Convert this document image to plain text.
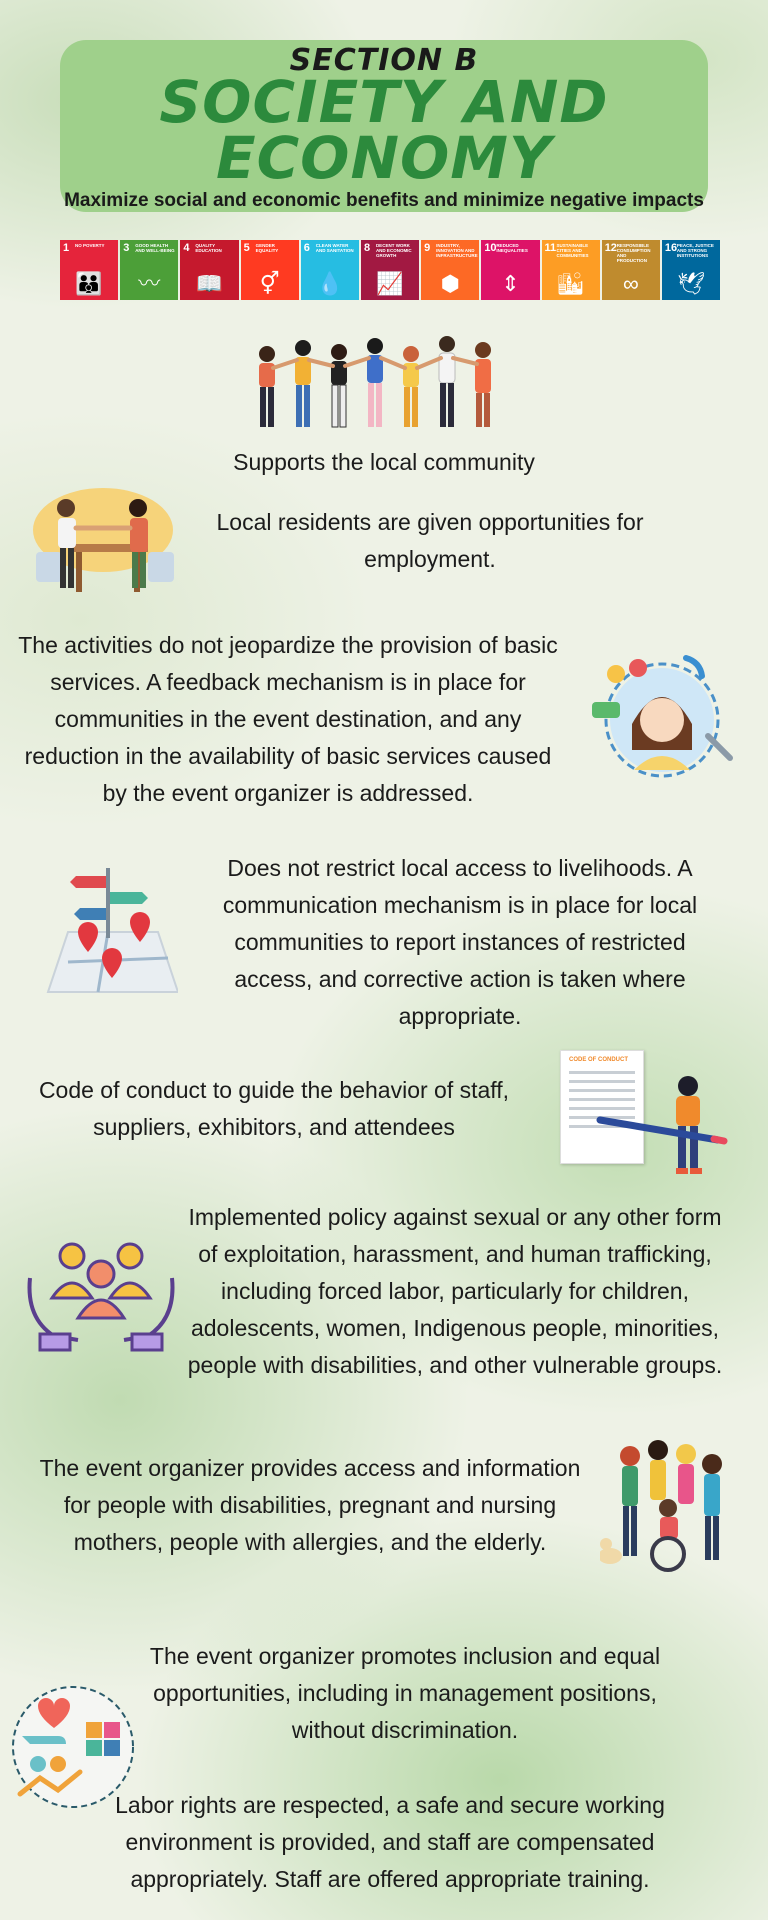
SECTION B
SOCIETY AND
ECONOMY
Maximize social and economic benefits and minimize negative impacts
1 NO POVERTY
👪
3 GOOD HEALTH AND WELL-BEING
〰
4 QUALITY EDUCATION
📖
5 GENDER EQUALITY
⚥
6 CLEAN WATER AND SANITATION
💧
8 DECENT WORK AND ECONOMIC GROWTH
📈
9 INDUSTRY, INNOVATION AND INFRASTRUCTURE
⬢
10 REDUCED INEQUALITIES
⇕
11 SUSTAINABLE CITIES AND COMMUNITIES
🏙
12 RESPONSIBLE CONSUMPTION AND PRODUCTION
∞
16 PEACE, JUSTICE AND STRONG INSTITUTIONS
🕊
Supports the local community
Local residents are given opportunities for employment.
The activities do not jeopardize the provision of basic services. A feedback mechanism is in place for communities in the event destination, and any reduction in the availability of basic services caused by the event organizer is addressed.
Does not restrict local access to livelihoods. A communication mechanism is in place for local communities to report instances of restricted access, and corrective action is taken where appropriate.
Code of conduct to guide the behavior of staff, suppliers, exhibitors, and attendees
CODE OF CONDUCT
Implemented policy against sexual or any other form of exploitation, harassment, and human trafficking, including forced labor, particularly for children, adolescents, women, Indigenous people, minorities, people with disabilities, and other vulnerable groups.
The event organizer provides access and information for people with disabilities, pregnant and nursing mothers, people with allergies, and the elderly.
The event organizer promotes inclusion and equal opportunities, including in management positions, without discrimination.
Labor rights are respected, a safe and secure working environment is provided, and staff are compensated appropriately. Staff are offered appropriate training.
